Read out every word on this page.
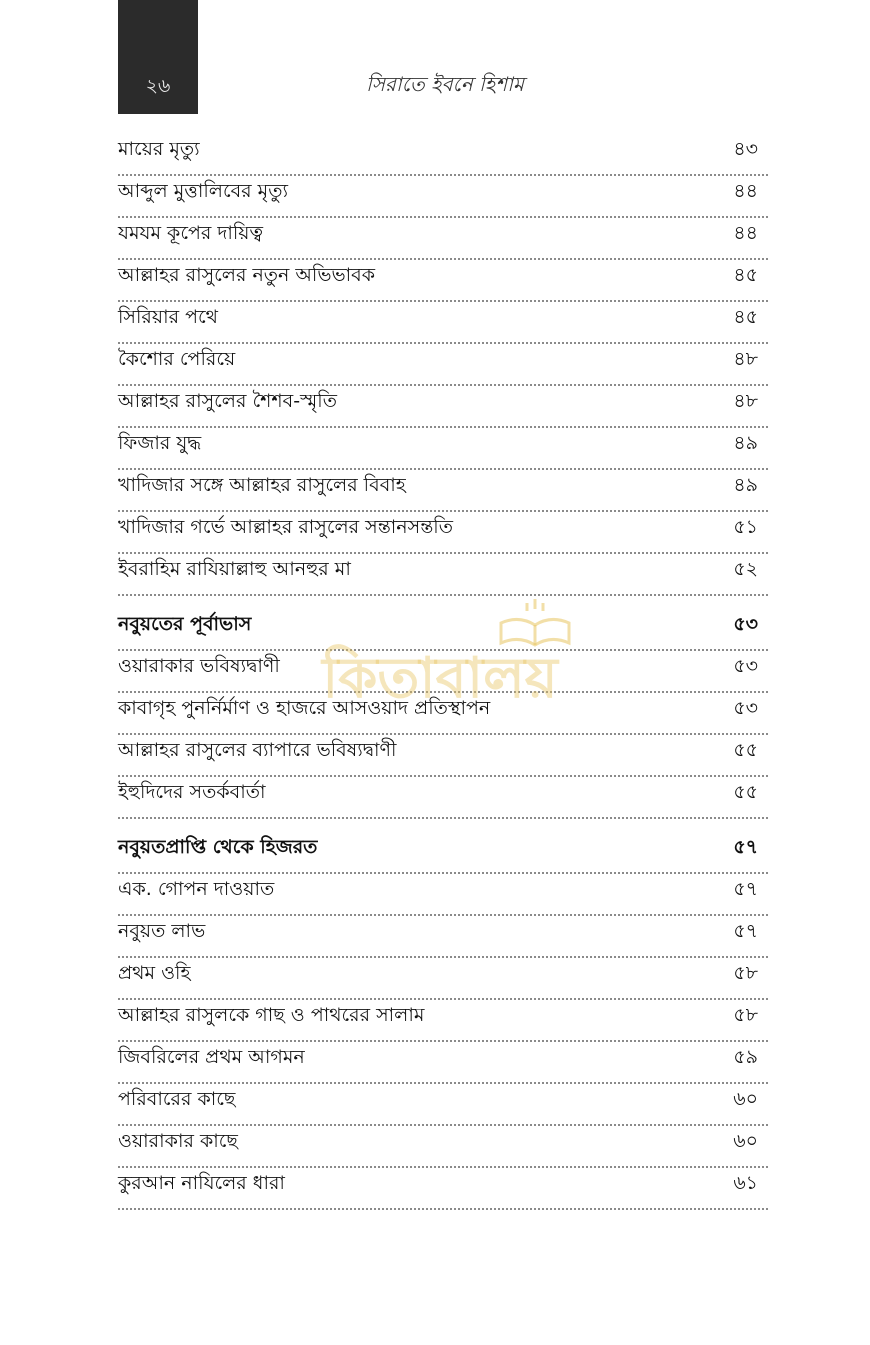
২৬	সিরাতে ইবনে হিশাম
মায়ের মৃত্যু	৪৩
আব্দুল মুত্তালিবের মৃত্যু	৪৪
যমযম কূপের দায়িত্ব	৪৪
আল্লাহর রাসুলের নতুন অভিভাবক	৪৫
সিরিয়ার পথে	৪৫
কৈশোর পেরিয়ে	৪৮
আল্লাহর রাসুলের শৈশব-স্মৃতি	৪৮
ফিজার যুদ্ধ	৪৯
খাদিজার সঙ্গে আল্লাহর রাসুলের বিবাহ	৪৯
খাদিজার গর্ভে আল্লাহর রাসুলের সন্তানসন্ততি	৫১
ইবরাহিম রাযিয়াল্লাহু আনহুর মা	৫২
নবুয়তের পূর্বাভাস	৫৩
ওয়ারাকার ভবিষ্যদ্বাণী	৫৩
কাবাগৃহ পুনর্নির্মাণ ও হাজরে আসওয়াদ প্রতিস্থাপন	৫৩
আল্লাহর রাসুলের ব্যাপারে ভবিষ্যদ্বাণী	৫৫
ইহুদিদের সতর্কবার্তা	৫৫
নবুয়তপ্রাপ্তি থেকে হিজরত	৫৭
এক. গোপন দাওয়াত	৫৭
নবুয়ত লাভ	৫৭
প্রথম ওহি	৫৮
আল্লাহর রাসুলকে গাছ ও পাথরের সালাম	৫৮
জিবরিলের প্রথম আগমন	৫৯
পরিবারের কাছে	৬০
ওয়ারাকার কাছে	৬০
কুরআন নাযিলের ধারা	৬১
কিতাবালয়
